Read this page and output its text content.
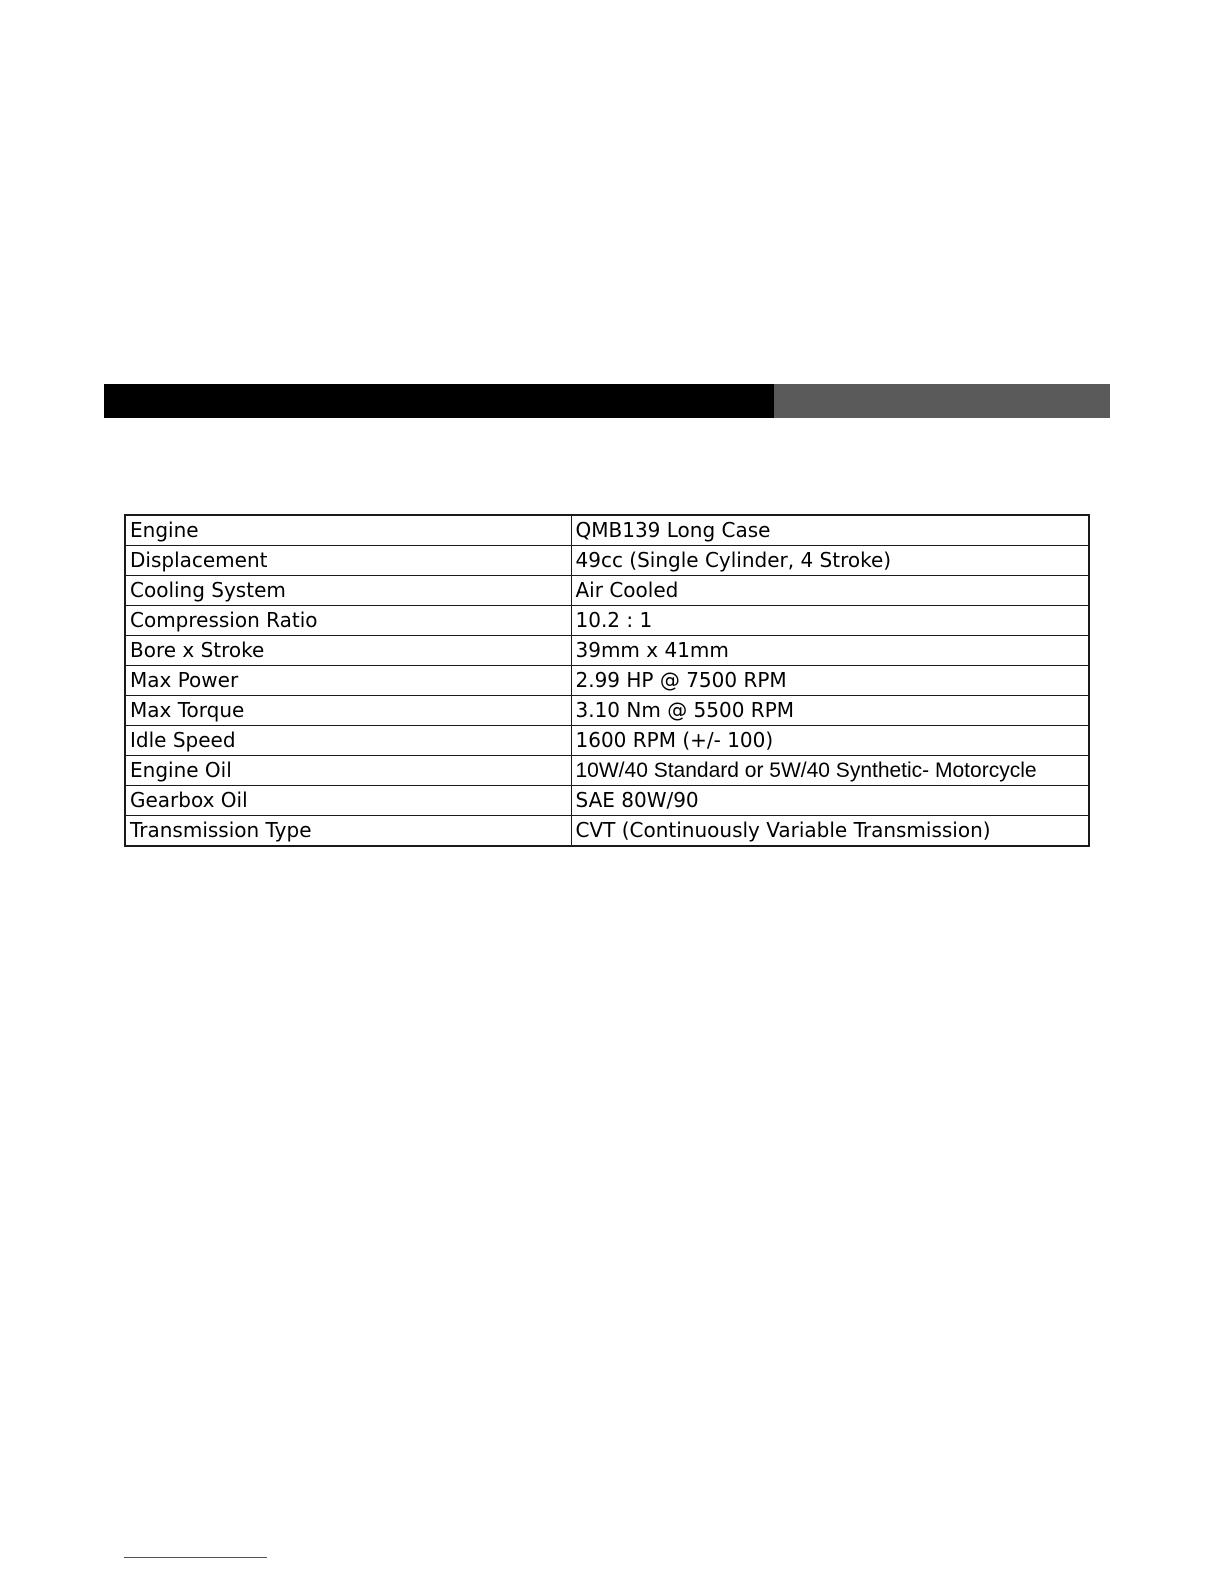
Engine	QMB139 Long Case
Displacement	49cc (Single Cylinder, 4 Stroke)
Cooling System	Air Cooled
Compression Ratio	10.2 : 1
Bore x Stroke	39mm x 41mm
Max Power	2.99 HP @ 7500 RPM
Max Torque	3.10 Nm @ 5500 RPM
Idle Speed	1600 RPM (+/- 100)
Engine Oil	10W/40 Standard or 5W/40 Synthetic- Motorcycle
Gearbox Oil	SAE 80W/90
Transmission Type	CVT (Continuously Variable Transmission)
